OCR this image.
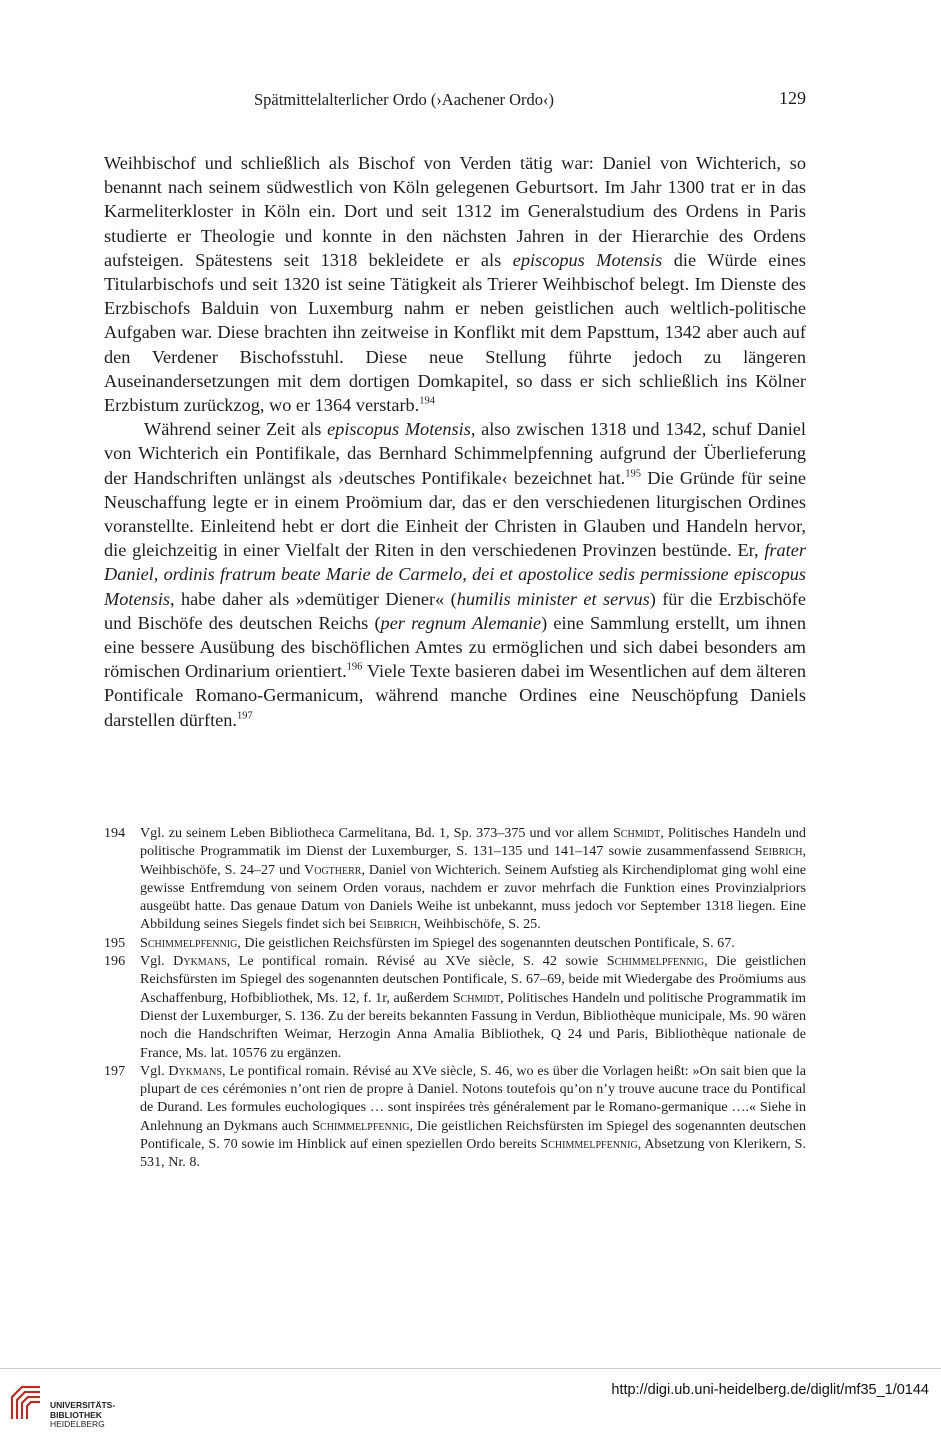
Spätmittelalterlicher Ordo (›Aachener Ordo‹)	129

Weihbischof und schließlich als Bischof von Verden tätig war: Daniel von Wichterich, so benannt nach seinem südwestlich von Köln gelegenen Geburtsort. Im Jahr 1300 trat er in das Karmeliterkloster in Köln ein. Dort und seit 1312 im Generalstudium des Ordens in Paris studierte er Theologie und konnte in den nächsten Jahren in der Hierarchie des Ordens aufsteigen. Spätestens seit 1318 bekleidete er als episcopus Motensis die Würde eines Titularbischofs und seit 1320 ist seine Tätigkeit als Trierer Weihbischof belegt. Im Dienste des Erzbischofs Balduin von Luxemburg nahm er neben geistlichen auch weltlich-politische Aufgaben war. Diese brachten ihn zeitweise in Konflikt mit dem Papsttum, 1342 aber auch auf den Verdener Bischofsstuhl. Diese neue Stellung führte jedoch zu längeren Auseinandersetzungen mit dem dortigen Domkapitel, so dass er sich schließlich ins Kölner Erzbistum zurückzog, wo er 1364 verstarb.$^{194}$

Während seiner Zeit als episcopus Motensis, also zwischen 1318 und 1342, schuf Daniel von Wichterich ein Pontifikale, das Bernhard Schimmelpfenning aufgrund der Überlieferung der Handschriften unlängst als ›deutsches Pontifikale‹ bezeichnet hat.$^{195}$ Die Gründe für seine Neuschaffung legte er in einem Proömium dar, das er den verschiedenen liturgischen Ordines voranstellte. Einleitend hebt er dort die Einheit der Christen in Glauben und Handeln hervor, die gleichzeitig in einer Vielfalt der Riten in den verschiedenen Provinzen bestünde. Er, frater Daniel, ordinis fratrum beate Marie de Carmelo, dei et apostolice sedis permissione episcopus Motensis, habe daher als »demütiger Diener« (humilis minister et servus) für die Erzbischöfe und Bischöfe des deutschen Reichs (per regnum Alemanie) eine Sammlung erstellt, um ihnen eine bessere Ausübung des bischöflichen Amtes zu ermöglichen und sich dabei besonders am römischen Ordinarium orientiert.$^{196}$ Viele Texte basieren dabei im Wesentlichen auf dem älteren Pontificale Romano-Germanicum, während manche Ordines eine Neuschöpfung Daniels darstellen dürften.$^{197}$

194 Vgl. zu seinem Leben Bibliotheca Carmelitana, Bd. 1, Sp. 373–375 und vor allem Schmidt, Politisches Handeln und politische Programmatik im Dienst der Luxemburger, S. 131–135 und 141–147 sowie zusammenfassend Seibrich, Weihbischöfe, S. 24–27 und Vogtherr, Daniel von Wichterich. Seinem Aufstieg als Kirchendiplomat ging wohl eine gewisse Entfremdung von seinem Orden voraus, nachdem er zuvor mehrfach die Funktion eines Provinzialpriors ausgeübt hatte. Das genaue Datum von Daniels Weihe ist unbekannt, muss jedoch vor September 1318 liegen. Eine Abbildung seines Siegels findet sich bei Seibrich, Weihbischöfe, S. 25.

195 Schimmelpfennig, Die geistlichen Reichsfürsten im Spiegel des sogenannten deutschen Pontificale, S. 67.

196 Vgl. Dykmans, Le pontifical romain. Révisé au XVe siècle, S. 42 sowie Schimmelpfennig, Die geistlichen Reichsfürsten im Spiegel des sogenannten deutschen Pontificale, S. 67–69, beide mit Wiedergabe des Proömiums aus Aschaffenburg, Hofbibliothek, Ms. 12, f. 1r, außerdem Schmidt, Politisches Handeln und politische Programmatik im Dienst der Luxemburger, S. 136. Zu der bereits bekannten Fassung in Verdun, Bibliothèque municipale, Ms. 90 wären noch die Handschriften Weimar, Herzogin Anna Amalia Bibliothek, Q 24 und Paris, Bibliothèque nationale de France, Ms. lat. 10576 zu ergänzen.

197 Vgl. Dykmans, Le pontifical romain. Révisé au XVe siècle, S. 46, wo es über die Vorlagen heißt: »On sait bien que la plupart de ces cérémonies n’ont rien de propre à Daniel. Notons toutefois qu’on n’y trouve aucune trace du Pontifical de Durand. Les formules euchologiques … sont inspirées très généralement par le Romano-germanique ….« Siehe in Anlehnung an Dykmans auch Schimmelpfennig, Die geistlichen Reichsfürsten im Spiegel des sogenannten deutschen Pontificale, S. 70 sowie im Hinblick auf einen speziellen Ordo bereits Schimmelpfennig, Absetzung von Klerikern, S. 531, Nr. 8.

UNIVERSITÄTS-
BIBLIOTHEK
HEIDELBERG
http://digi.ub.uni-heidelberg.de/diglit/mf35_1/0144
